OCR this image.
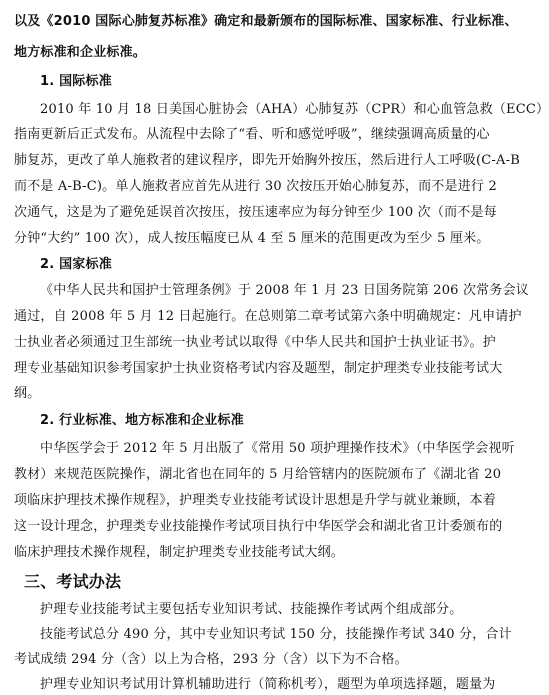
以及《2010 国际心肺复苏标准》确定和最新颁布的国际标准、国家标准、行业标准、
地方标准和企业标准。
1. 国际标准
2010 年 10 月 18 日美国心脏协会（AHA）心肺复苏（CPR）和心血管急救（ECC）
指南更新后正式发布。从流程中去除了“看、听和感觉呼吸”，继续强调高质量的心
肺复苏，更改了单人施救者的建议程序，即先开始胸外按压，然后进行人工呼吸(C-A-B
而不是 A-B-C)。单人施救者应首先从进行 30 次按压开始心肺复苏，而不是进行 2
次通气，这是为了避免延误首次按压，按压速率应为每分钟至少 100 次（而不是每
分钟“大约” 100 次），成人按压幅度已从 4 至 5 厘米的范围更改为至少 5 厘米。
2. 国家标准
《中华人民共和国护士管理条例》于 2008 年 1 月 23 日国务院第 206 次常务会议
通过，自 2008 年 5 月 12 日起施行。在总则第二章考试第六条中明确规定：凡申请护
士执业者必须通过卫生部统一执业考试以取得《中华人民共和国护士执业证书》。护
理专业基础知识参考国家护士执业资格考试内容及题型，制定护理类专业技能考试大
纲。
2. 行业标准、地方标准和企业标准
中华医学会于 2012 年 5 月出版了《常用 50 项护理操作技术》（中华医学会视听
教材）来规范医院操作，湖北省也在同年的 5 月给管辖内的医院颁布了《湖北省 20
项临床护理技术操作规程》，护理类专业技能考试设计思想是升学与就业兼顾，本着
这一设计理念，护理类专业技能操作考试项目执行中华医学会和湖北省卫计委颁布的
临床护理技术操作规程，制定护理类专业技能考试大纲。
三、考试办法
护理专业技能考试主要包括专业知识考试、技能操作考试两个组成部分。
技能考试总分 490 分，其中专业知识考试 150 分，技能操作考试 340 分，合计
考试成绩 294 分（含）以上为合格，293 分（含）以下为不合格。
护理专业知识考试用计算机辅助进行（简称机考），题型为单项选择题，题量为
